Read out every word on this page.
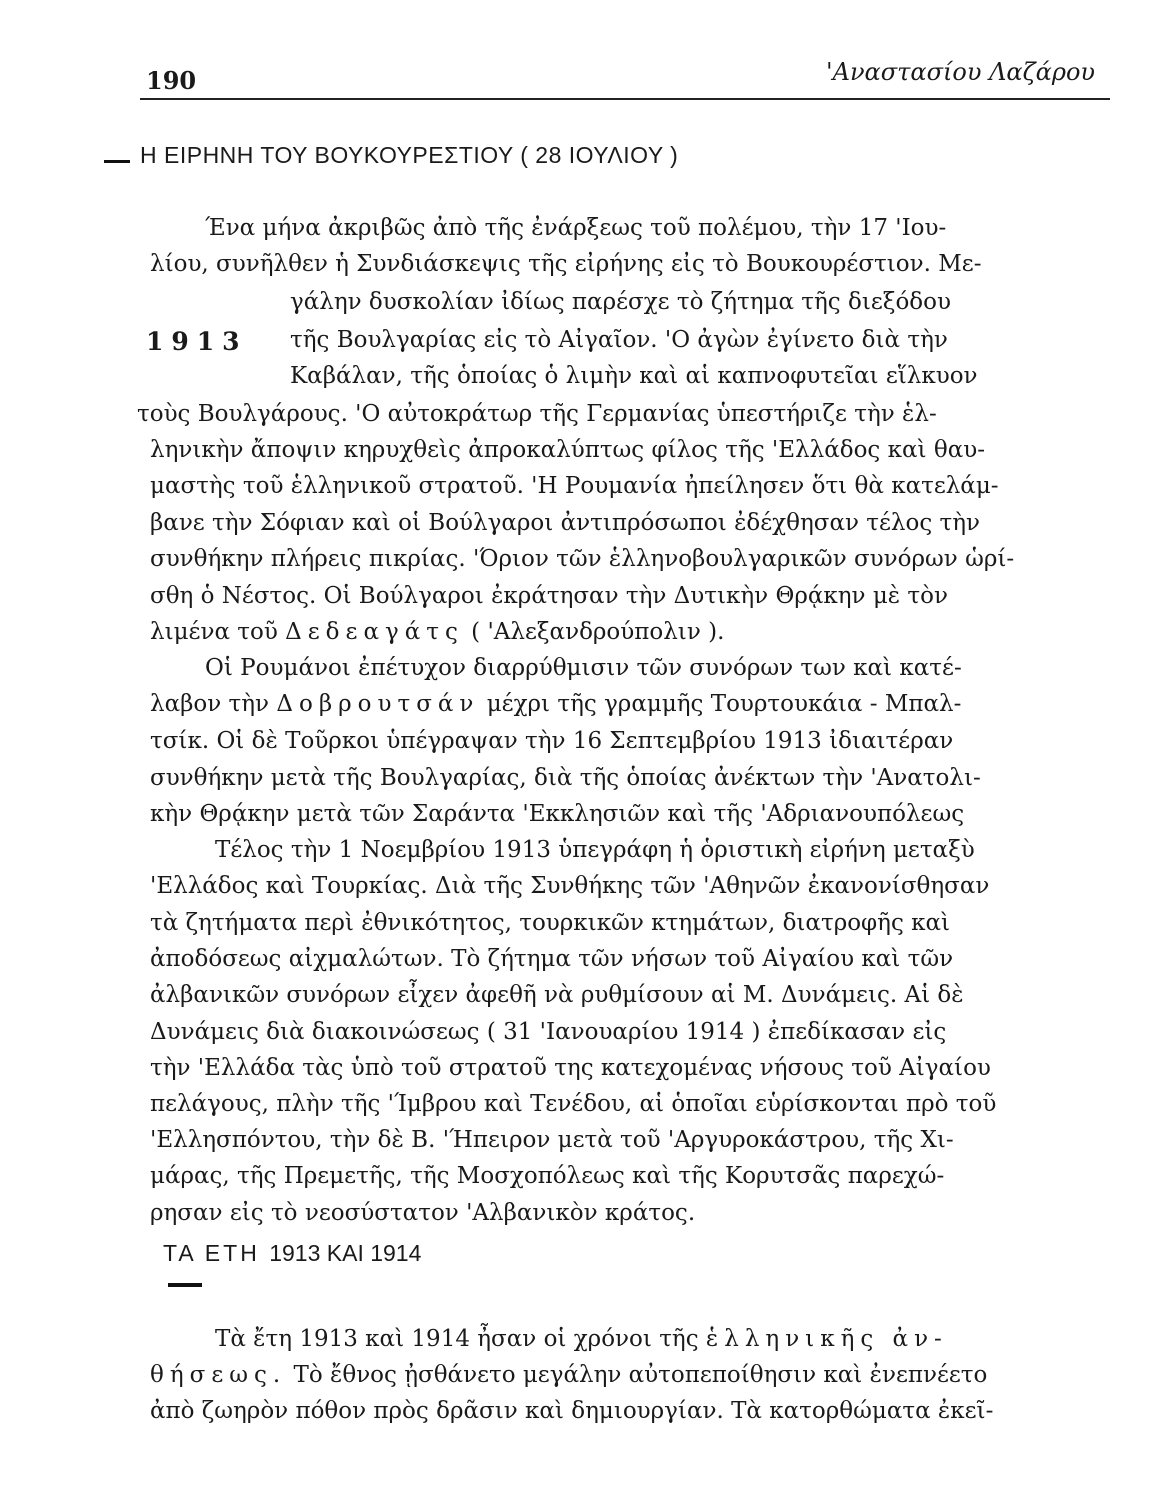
190	'Αναστασίου Λαζάρου
Η ΕΙΡΗΝΗ ΤΟΥ ΒΟΥΚΟΥΡΕΣΤΙΟΥ ( 28 ΙΟΥΛΙΟΥ )
1913
Ένα μήνα ἀκριβῶς ἀπὸ τῆς ἐνάρξεως τοῦ πολέμου, τὴν 17 'Ιου-
λίου, συνῆλθεν ἡ Συνδιάσκεψις τῆς εἰρήνης εἰς τὸ Βουκουρέστιον. Με-
γάλην δυσκολίαν ἰδίως παρέσχε τὸ ζήτημα τῆς διεξόδου
τῆς Βουλγαρίας εἰς τὸ Αἰγαῖον. 'Ο ἀγὼν ἐγίνετο διὰ τὴν
Καβάλαν, τῆς ὁποίας ὁ λιμὴν καὶ αἱ καπνοφυτεῖαι εἵλκυον
τοὺς Βουλγάρους. 'Ο αὐτοκράτωρ τῆς Γερμανίας ὑπεστήριζε τὴν ἑλ-
ληνικὴν ἄποψιν κηρυχθεὶς ἀπροκαλύπτως φίλος τῆς 'Ελλάδος καὶ θαυ-
μαστὴς τοῦ ἑλληνικοῦ στρατοῦ. 'Η Ρουμανία ἠπείλησεν ὅτι θὰ κατελάμ-
βανε τὴν Σόφιαν καὶ οἱ Βούλγαροι ἀντιπρόσωποι ἐδέχθησαν τέλος τὴν
συνθήκην πλήρεις πικρίας. 'Όριον τῶν ἑλληνοβουλγαρικῶν συνόρων ὡρί-
σθη ὁ Νέστος. Οἱ Βούλγαροι ἐκράτησαν τὴν Δυτικὴν Θρᾴκην μὲ τὸν
λιμένα τοῦ Δεδεαγάτς ( 'Αλεξανδρούπολιν ).
Οἱ Ρουμάνοι ἐπέτυχον διαρρύθμισιν τῶν συνόρων των καὶ κατέ-
λαβον τὴν Δοβρουτσάν μέχρι τῆς γραμμῆς Τουρτουκάια - Μπαλ-
τσίκ. Οἱ δὲ Τοῦρκοι ὑπέγραψαν τὴν 16 Σεπτεμβρίου 1913 ἰδιαιτέραν
συνθήκην μετὰ τῆς Βουλγαρίας, διὰ τῆς ὁποίας ἀνέκτων τὴν 'Ανατολι-
κὴν Θρᾴκην μετὰ τῶν Σαράντα 'Εκκλησιῶν καὶ τῆς 'Αδριανουπόλεως
Τέλος τὴν 1 Νοεμβρίου 1913 ὑπεγράφη ἡ ὁριστικὴ εἰρήνη μεταξὺ
'Ελλάδος καὶ Τουρκίας. Διὰ τῆς Συνθήκης τῶν 'Αθηνῶν ἐκανονίσθησαν
τὰ ζητήματα περὶ ἐθνικότητος, τουρκικῶν κτημάτων, διατροφῆς καὶ
ἀποδόσεως αἰχμαλώτων. Τὸ ζήτημα τῶν νήσων τοῦ Αἰγαίου καὶ τῶν
ἀλβανικῶν συνόρων εἶχεν ἀφεθῆ νὰ ρυθμίσουν αἱ Μ. Δυνάμεις. Αἱ δὲ
Δυνάμεις διὰ διακοινώσεως ( 31 'Ιανουαρίου 1914 ) ἐπεδίκασαν εἰς
τὴν 'Ελλάδα τὰς ὑπὸ τοῦ στρατοῦ της κατεχομένας νήσους τοῦ Αἰγαίου
πελάγους, πλὴν τῆς 'Ίμβρου καὶ Τενέδου, αἱ ὁποῖαι εὑρίσκονται πρὸ τοῦ
'Ελλησπόντου, τὴν δὲ Β. 'Ήπειρον μετὰ τοῦ 'Αργυροκάστρου, τῆς Χι-
μάρας, τῆς Πρεμετῆς, τῆς Μοσχοπόλεως καὶ τῆς Κορυτσᾶς παρεχώ-
ρησαν εἰς τὸ νεοσύστατον 'Αλβανικὸν κράτος.
ΤΑ ΕΤΗ 1913 ΚΑΙ 1914
Τὰ ἔτη 1913 καὶ 1914 ἦσαν οἱ χρόνοι τῆς ἑλληνικῆς ἀν-
θήσεως. Τὸ ἔθνος ᾐσθάνετο μεγάλην αὐτοπεποίθησιν καὶ ἐνεπνέετο
ἀπὸ ζωηρὸν πόθον πρὸς δρᾶσιν καὶ δημιουργίαν. Τὰ κατορθώματα ἐκεῖ-
